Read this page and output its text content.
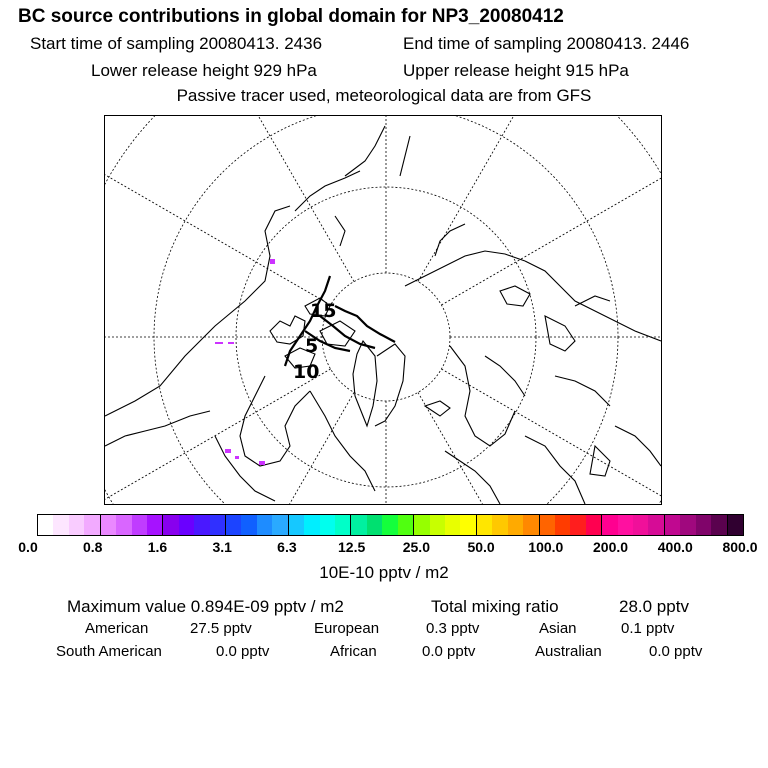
BC source contributions in global domain for NP3_20080412
Start time of sampling 20080413. 2436	End time of sampling 20080413. 2446
Lower release height 929 hPa	Upper release height 915 hPa
Passive tracer used, meteorological data are from GFS
15
10
5
0.0	0.8	1.6	3.1	6.3	12.5	25.0	50.0 100.0 200.0 400.0 800.0
10E-10 pptv / m2
Maximum value 0.894E-09 pptv / m2	Total mixing ratio	28.0 pptv
American	27.5 pptv	European	0.3 pptv	Asian	0.1 pptv
South American	0.0 pptv	African	0.0 pptv	Australian	0.0 pptv
